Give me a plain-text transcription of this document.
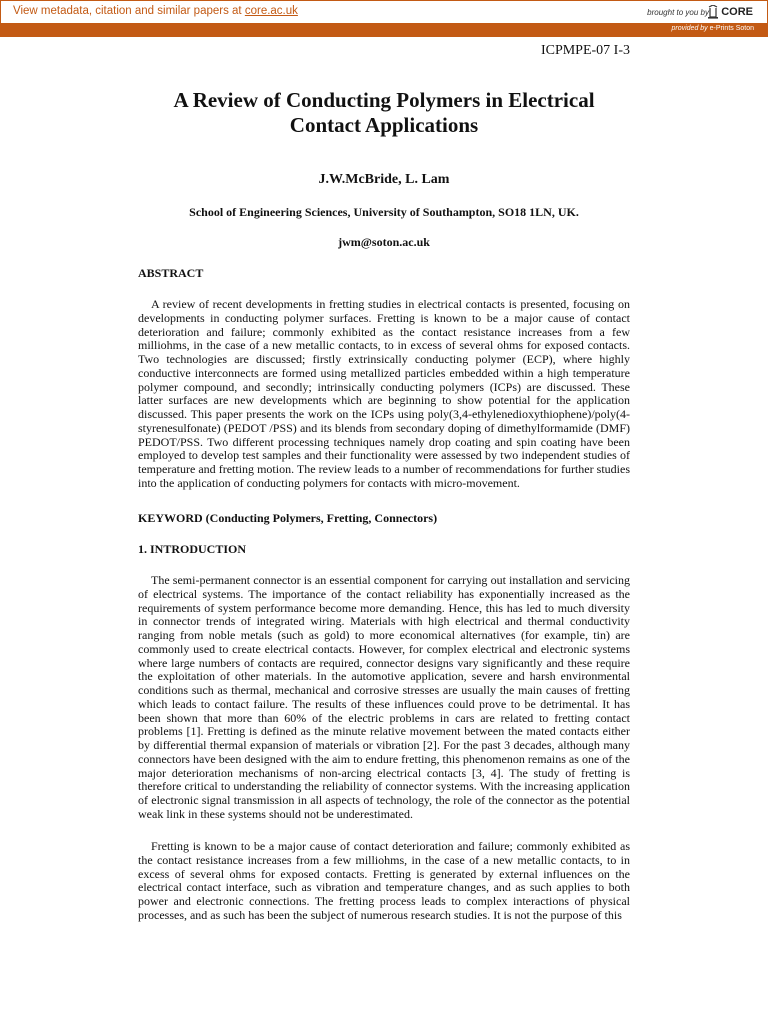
View metadata, citation and similar papers at core.ac.uk	brought to you by CORE
provided by e-Prints Soton
ICPMPE-07 I-3
A Review of Conducting Polymers in Electrical
Contact Applications
J.W.McBride, L. Lam
School of Engineering Sciences, University of Southampton, SO18 1LN, UK.
jwm@soton.ac.uk
ABSTRACT
A review of recent developments in fretting studies in electrical contacts is presented, focusing on developments in conducting polymer surfaces. Fretting is known to be a major cause of contact deterioration and failure; commonly exhibited as the contact resistance increases from a few milliohms, in the case of a new metallic contacts, to in excess of several ohms for exposed contacts. Two technologies are discussed; firstly extrinsically conducting polymer (ECP), where highly conductive interconnects are formed using metallized particles embedded within a high temperature polymer compound, and secondly; intrinsically conducting polymers (ICPs) are discussed. These latter surfaces are new developments which are beginning to show potential for the application discussed. This paper presents the work on the ICPs using poly(3,4-ethylenedioxythiophene)/poly(4-styrenesulfonate) (PEDOT /PSS) and its blends from secondary doping of dimethylformamide (DMF) PEDOT/PSS. Two different processing techniques namely drop coating and spin coating have been employed to develop test samples and their functionality were assessed by two independent studies of temperature and fretting motion. The review leads to a number of recommendations for further studies into the application of conducting polymers for contacts with micro-movement.
KEYWORD (Conducting Polymers, Fretting, Connectors)
1. INTRODUCTION
The semi-permanent connector is an essential component for carrying out installation and servicing of electrical systems. The importance of the contact reliability has exponentially increased as the requirements of system performance become more demanding. Hence, this has led to much diversity in connector trends of integrated wiring. Materials with high electrical and thermal conductivity ranging from noble metals (such as gold) to more economical alternatives (for example, tin) are commonly used to create electrical contacts. However, for complex electrical and electronic systems where large numbers of contacts are required, connector designs vary significantly and these require the exploitation of other materials. In the automotive application, severe and harsh environmental conditions such as thermal, mechanical and corrosive stresses are usually the main causes of fretting which leads to contact failure. The results of these influences could prove to be detrimental. It has been shown that more than 60% of the electric problems in cars are related to fretting contact problems [1]. Fretting is defined as the minute relative movement between the mated contacts either by differential thermal expansion of materials or vibration [2]. For the past 3 decades, although many connectors have been designed with the aim to endure fretting, this phenomenon remains as one of the major deterioration mechanisms of non-arcing electrical contacts [3, 4]. The study of fretting is therefore critical to understanding the reliability of connector systems. With the increasing application of electronic signal transmission in all aspects of technology, the role of the connector as the potential weak link in these systems should not be underestimated.
Fretting is known to be a major cause of contact deterioration and failure; commonly exhibited as the contact resistance increases from a few milliohms, in the case of a new metallic contacts, to in excess of several ohms for exposed contacts. Fretting is generated by external influences on the electrical contact interface, such as vibration and temperature changes, and as such applies to both power and electronic connections. The fretting process leads to complex interactions of physical processes, and as such has been the subject of numerous research studies. It is not the purpose of this
